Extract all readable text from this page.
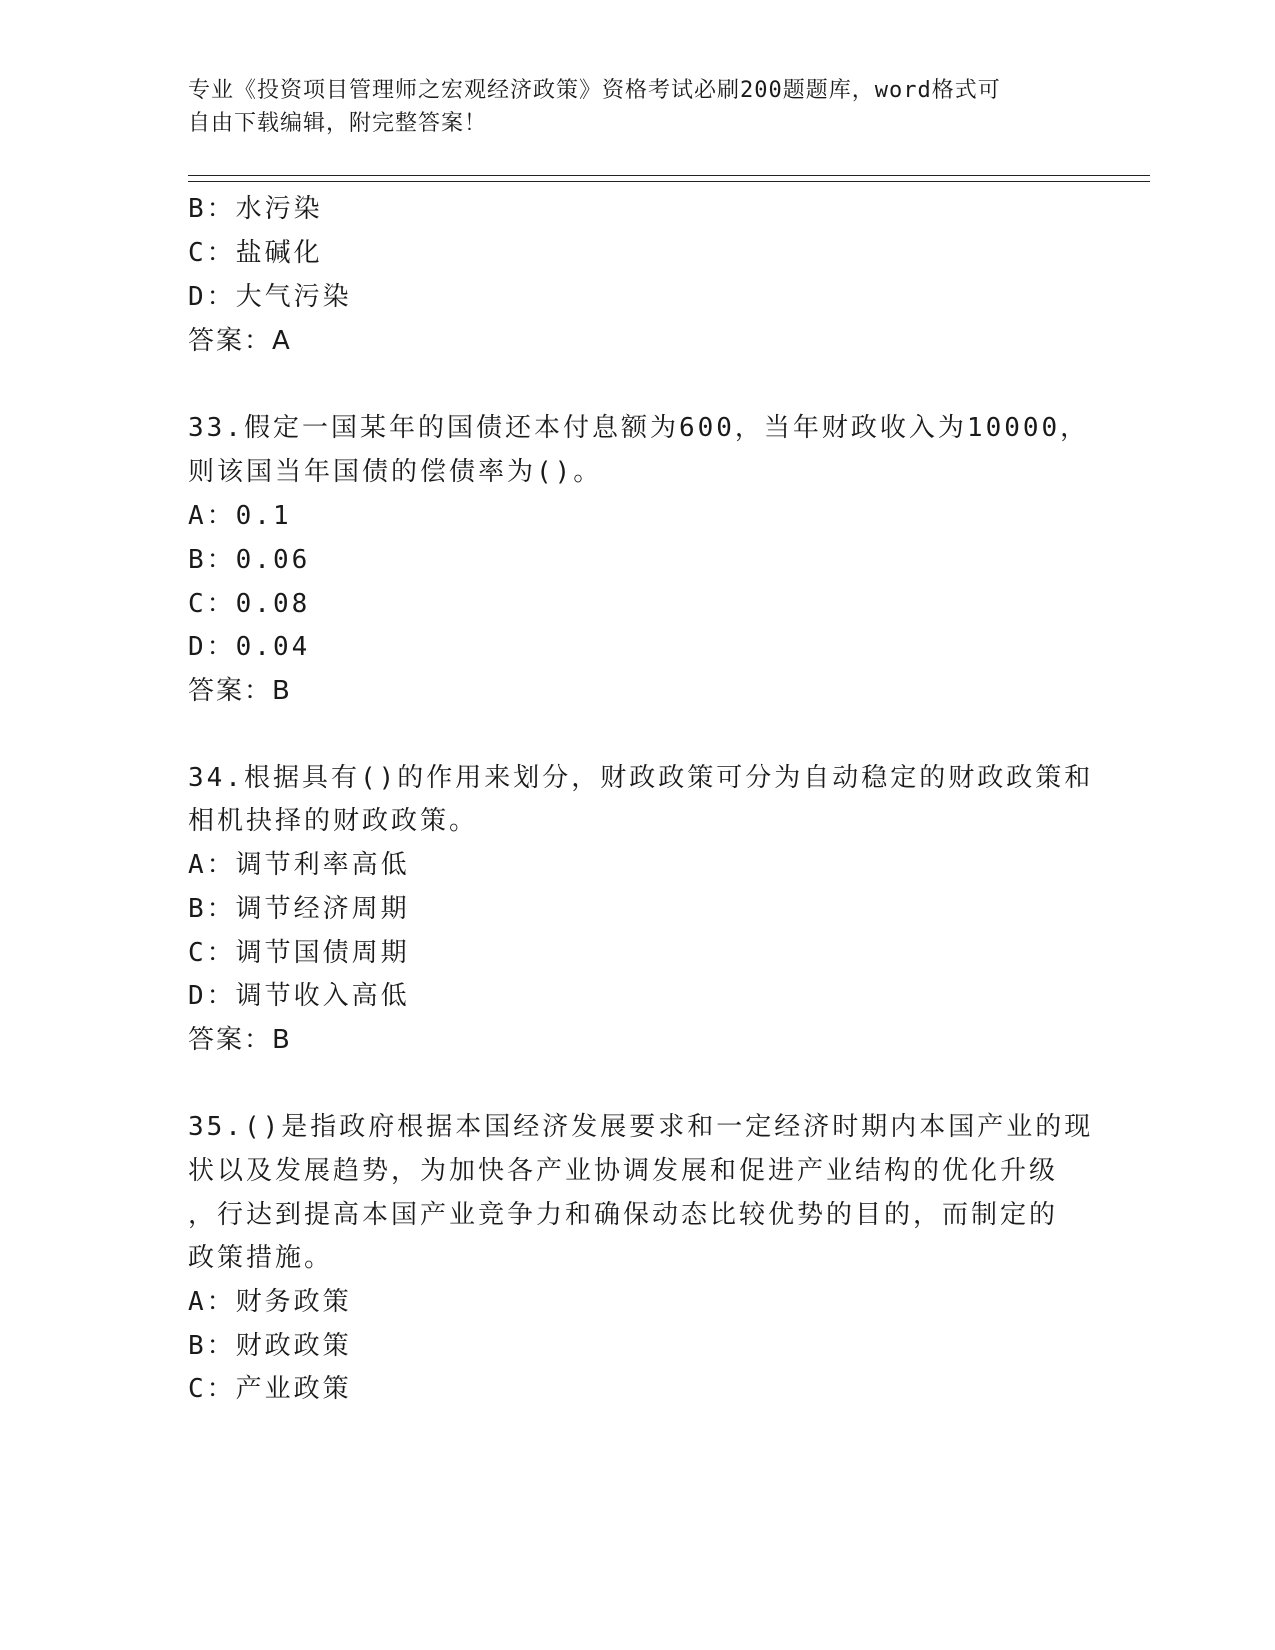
专业《投资项目管理师之宏观经济政策》资格考试必刷200题题库，word格式可
自由下载编辑，附完整答案！
B：水污染
C：盐碱化
D：大气污染
答案：A
33.假定一国某年的国债还本付息额为600，当年财政收入为10000，
则该国当年国债的偿债率为()。
A：0.1
B：0.06
C：0.08
D：0.04
答案：B
34.根据具有()的作用来划分，财政政策可分为自动稳定的财政政策和
相机抉择的财政政策。
A：调节利率高低
B：调节经济周期
C：调节国债周期
D：调节收入高低
答案：B
35.()是指政府根据本国经济发展要求和一定经济时期内本国产业的现
状以及发展趋势，为加快各产业协调发展和促进产业结构的优化升级
，行达到提高本国产业竞争力和确保动态比较优势的目的，而制定的
政策措施。
A：财务政策
B：财政政策
C：产业政策
